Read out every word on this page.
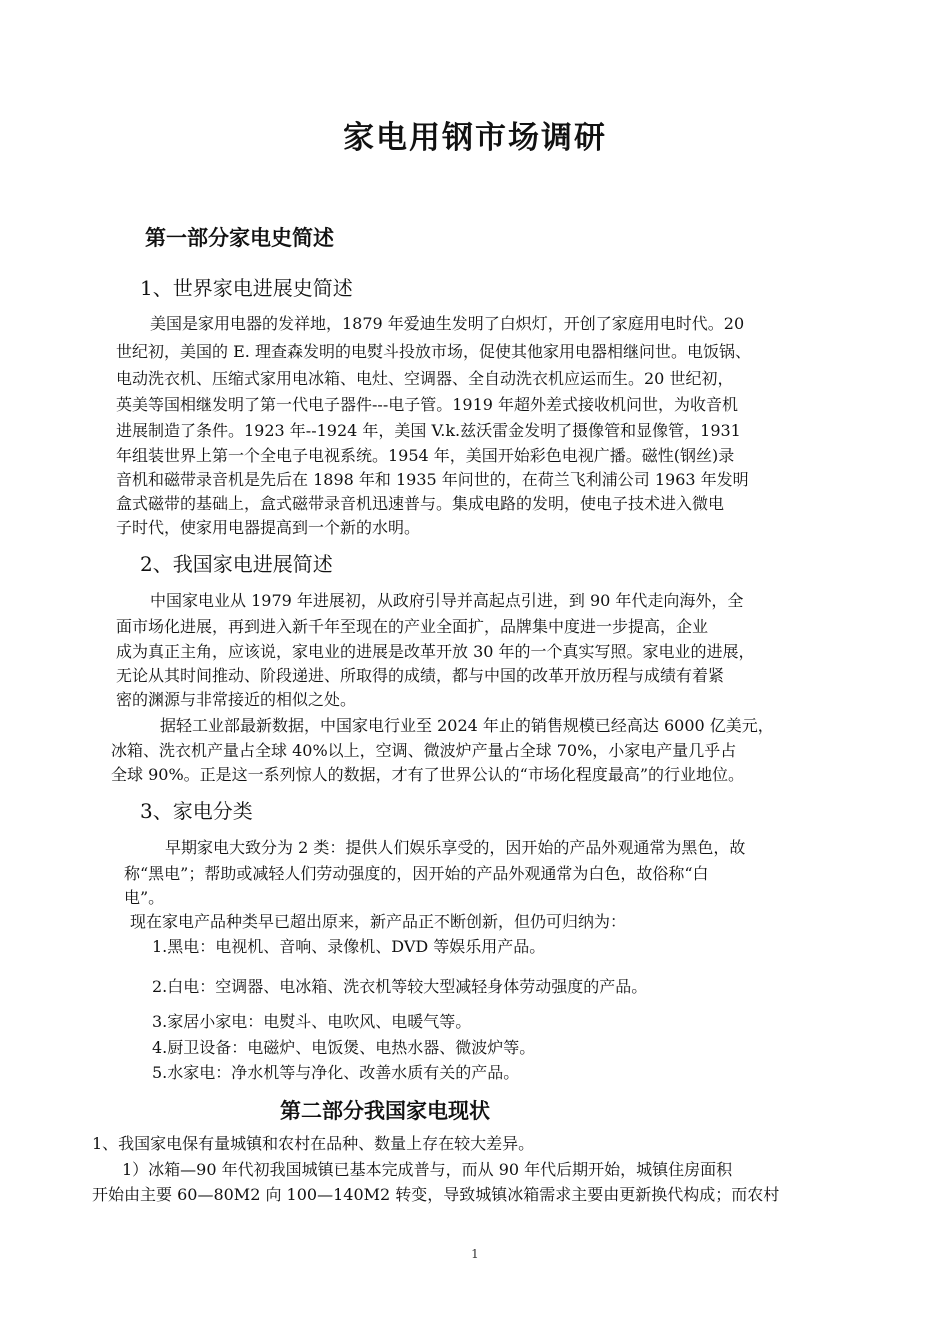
家电用钢市场调研
第一部分家电史简述
1、世界家电进展史简述
美国是家用电器的发祥地，1879 年爱迪生发明了白炽灯，开创了家庭用电时代。20
世纪初，美国的 E. 理查森发明的电熨斗投放市场，促使其他家用电器相继问世。电饭锅、
电动洗衣机、压缩式家用电冰箱、电灶、空调器、全自动洗衣机应运而生。20 世纪初，
英美等国相继发明了第一代电子器件---电子管。1919 年超外差式接收机问世，为收音机
进展制造了条件。1923 年--1924 年，美国 V.k.兹沃雷金发明了摄像管和显像管，1931
年组装世界上第一个全电子电视系统。1954 年，美国开始彩色电视广播。磁性(钢丝)录
音机和磁带录音机是先后在 1898 年和 1935 年问世的，在荷兰飞利浦公司 1963 年发明
盒式磁带的基础上，盒式磁带录音机迅速普与。集成电路的发明，使电子技术进入微电
子时代，使家用电器提高到一个新的水明。
2、我国家电进展简述
中国家电业从 1979 年进展初，从政府引导并高起点引进，到 90 年代走向海外，全
面市场化进展，再到进入新千年至现在的产业全面扩，品牌集中度进一步提高，企业
成为真正主角，应该说，家电业的进展是改革开放 30 年的一个真实写照。家电业的进展，
无论从其时间推动、阶段递进、所取得的成绩，都与中国的改革开放历程与成绩有着紧
密的渊源与非常接近的相似之处。
据轻工业部最新数据，中国家电行业至 2024 年止的销售规模已经高达 6000 亿美元，
冰箱、洗衣机产量占全球 40%以上，空调、微波炉产量占全球 70%，小家电产量几乎占
全球 90%。正是这一系列惊人的数据，才有了世界公认的“市场化程度最高”的行业地位。
3、家电分类
早期家电大致分为 2 类：提供人们娱乐享受的，因开始的产品外观通常为黑色，故
称“黑电”；帮助或减轻人们劳动强度的，因开始的产品外观通常为白色，故俗称“白
电”。
现在家电产品种类早已超出原来，新产品正不断创新，但仍可归纳为：
1.黑电：电视机、音响、录像机、DVD 等娱乐用产品。
2.白电：空调器、电冰箱、洗衣机等较大型减轻身体劳动强度的产品。
3.家居小家电：电熨斗、电吹风、电暖气等。
4.厨卫设备：电磁炉、电饭煲、电热水器、微波炉等。
5.水家电：净水机等与净化、改善水质有关的产品。
第二部分我国家电现状
1、我国家电保有量城镇和农村在品种、数量上存在较大差异。
1）冰箱—90 年代初我国城镇已基本完成普与，而从 90 年代后期开始，城镇住房面积
开始由主要 60—80M2 向 100—140M2 转变，导致城镇冰箱需求主要由更新换代构成；而农村
1
